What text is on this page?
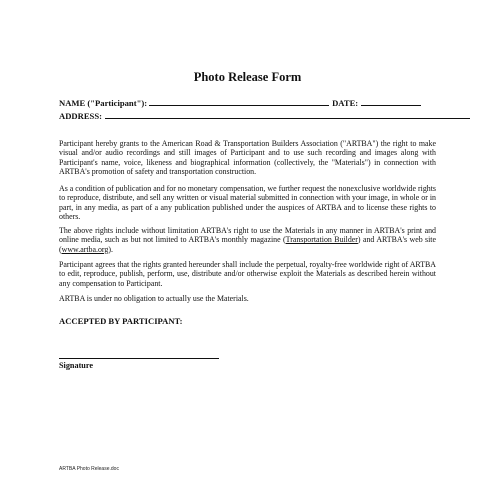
Photo Release Form
NAME ("Participant"):	DATE:
ADDRESS:
Participant hereby grants to the American Road & Transportation Builders Association ("ARTBA") the right to make visual and/or audio recordings and still images of Participant and to use such recording and images along with Participant's name, voice, likeness and biographical information (collectively, the "Materials") in connection with ARTBA's promotion of safety and transportation construction.
As a condition of publication and for no monetary compensation, we further request the nonexclusive worldwide rights to reproduce, distribute, and sell any written or visual material submitted in connection with your image, in whole or in part, in any media, as part of a any publication published under the auspices of ARTBA and to license these rights to others.
The above rights include without limitation ARTBA's right to use the Materials in any manner in ARTBA's print and online media, such as but not limited to ARTBA's monthly magazine (Transportation Builder) and ARTBA's web site (www.artba.org).
Participant agrees that the rights granted hereunder shall include the perpetual, royalty-free worldwide right of ARTBA to edit, reproduce, publish, perform, use, distribute and/or otherwise exploit the Materials as described herein without any compensation to Participant.
ARTBA is under no obligation to actually use the Materials.
ACCEPTED BY PARTICIPANT:
Signature
ARTBA Photo Release.doc
